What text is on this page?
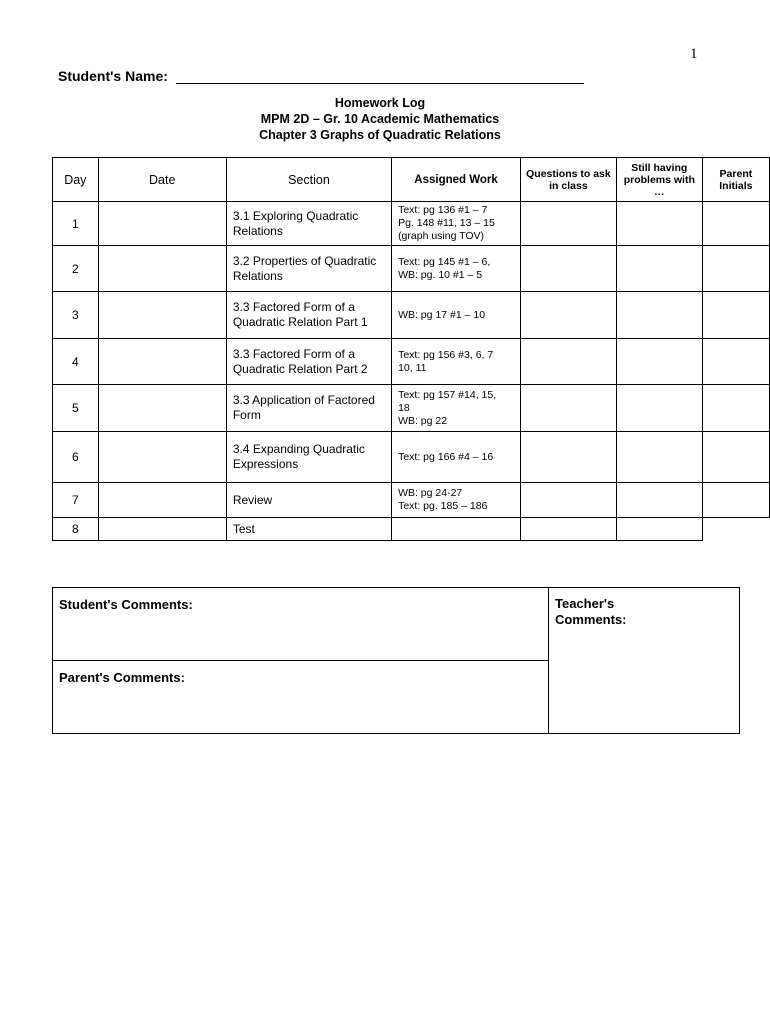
1
Student's Name:
Homework Log
MPM 2D – Gr. 10 Academic Mathematics
Chapter 3 Graphs of Quadratic Relations
Day	Date	Section	Assigned Work	Questions to ask in class	Still having problems with …	Parent Initials
1		3.1 Exploring Quadratic Relations	Text: pg 136 #1 – 7
Pg. 148 #11, 13 – 15
(graph using TOV)			

2		3.2 Properties of Quadratic Relations	Text: pg 145 #1 – 6,
WB: pg. 10 #1 – 5			

3		3.3 Factored Form of a Quadratic Relation Part 1	WB: pg 17 #1 – 10			

4		3.3 Factored Form of a Quadratic Relation Part 2	Text: pg 156 #3, 6, 7
10, 11			

5		3.3 Application of Factored Form	Text: pg 157 #14, 15,
18
WB: pg 22			

6		3.4 Expanding Quadratic Expressions	Text: pg 166 #4 – 16			

7		Review	WB: pg 24-27
Text: pg. 185 – 186			

8		Test				
Student's Comments:	Teacher's Comments:

Parent's Comments:
